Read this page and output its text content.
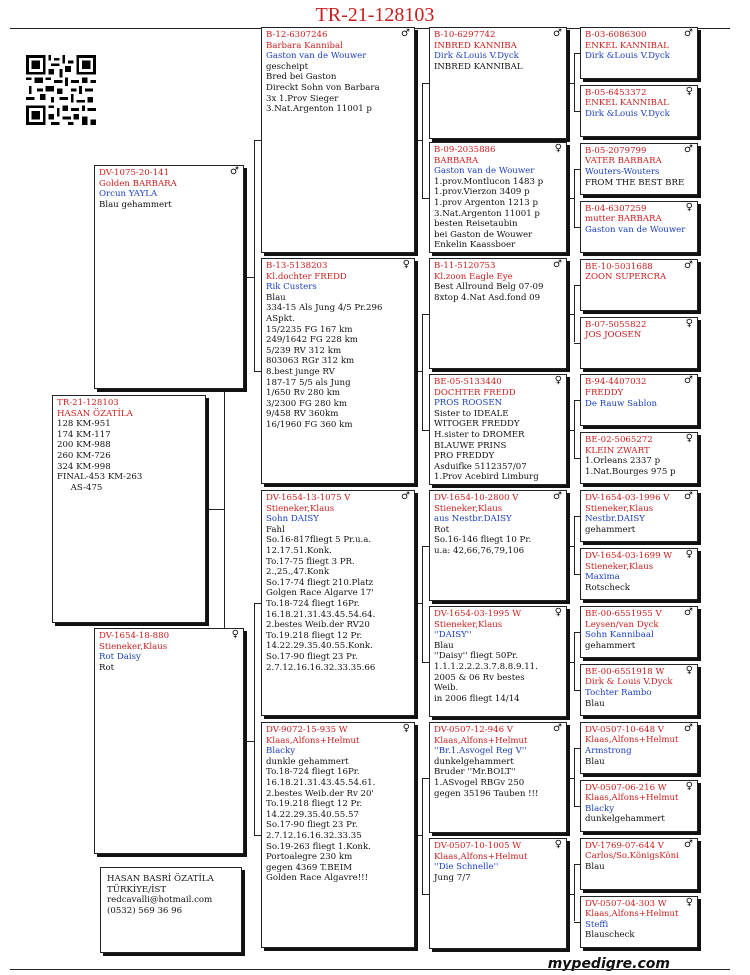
TR-21-128103
TR-21-128103
HASAN ÖZATİLA
128 KM-951
174 KM-117
200 KM-988
260 KM-726
324 KM-998
FINAL-453 KM-263
AS-475
♂
DV-1075-20-141
Golden BARBARA
Orcun YAYLA
Blau gehammert
♀
DV-1654-18-880
Stieneker,Klaus
Rot Daisy
Rot
♂
B-12-6307246
Barbara Kannibal
Gaston van de Wouwer
gescheipt
Bred bei Gaston
Direckt Sohn von Barbara
3x 1.Prov Sieger
3.Nat.Argenton 11001 p
♀
B-13-5138203
Kl.dochter FREDD
Rik Custers
Blau
334-15 Als Jung 4/5 Pr.296
ASpkt.
15/2235 FG 167 km
249/1642 FG 228 km
5/239 RV 312 km
803063 RGr 312 km
8.best junge RV
187-17 5/5 als Jung
1/650 Rv 280 km
3/2300 FG 280 km
9/458 RV 360km
16/1960 FG 360 km
♂
DV-1654-13-1075 V
Stieneker,Klaus
Sohn DAISY
Fahl
So.16-817fliegt 5 Pr.u.a.
12.17.51.Konk.
To.17-75 fliegt 3 PR.
2.,25.,47.Konk
So.17-74 fliegt 210.Platz
Golgen Race Algarve 17'
To.18-724 fliegt 16Pr.
16.18.21.31.43.45.54.64.
2.bestes Weib.der RV20
To.19.218 fliegt 12 Pr.
14.22.29.35.40.55.Konk.
So.17-90 fliegt 23 Pr.
2.7.12.16.16.32.33.35.66
♀
DV-9072-15-935 W
Klaas,Alfons+Helmut
Blacky
dunkle gehammert
To.18-724 fliegt 16Pr.
16.18.21.31.43.45.54.61.
2.bestes Weib.der Rv 20'
To.19.218 fliegt 12 Pr.
14.22.29.35.40.55.57
So.17-90 fliegt 23 Pr.
2.7.12.16.16.32.33.35
So.19-263 fliegt 1.Konk.
Portoalegre 230 km
gegen 4369 T.BEIM
Golden Race Algavre!!!
♂
B-10-6297742
INBRED KANNIBA
Dirk &Louis V.Dyck
INBRED KANNIBAL
♀
B-09-2035886
BARBARA
Gaston van de Wouwer
1.prov.Montlucon 1483 p
1.prov.Vierzon 3409 p
1.prov Argenton 1213 p
3.Nat.Argenton 11001 p
besten Reisetaubin
bei Gaston de Wouwer
Enkelin Kaassboer
♂
B-11-5120753
Kl.zoon Eagle Eye
Best Allround Belg 07-09
8xtop 4.Nat Asd.fond 09
♀
BE-05-5133440
DOCHTER FREDD
PROS ROOSEN
Sister to IDEALE
WITOGER FREDDY
H.sister to DROMER
BLAUWE PRINS
PRO FREDDY
Asduifke 5112357/07
1.Prov Acebird Limburg
♂
DV-1654-10-2800 V
Stieneker,Klaus
aus Nestbr.DAISY
Rot
So.16-146 fliegt 10 Pr.
u.a: 42,66,76,79,106
♀
DV-1654-03-1995 W
Stieneker,Klaus
''DAISY''
Blau
''Daisy'' fliegt 50Pr.
1.1.1.2.2.2.3.7.8.8.9.11.
2005 & 06 Rv bestes
Weib.
in 2006 fliegt 14/14
♂
DV-0507-12-946 V
Klaas,Alfons+Helmut
''Br.1.Asvogel Reg V''
dunkelgehammert
Bruder ''Mr.BOLT''
1.ASvogel RBGv 250
gegen 35196 Tauben !!!
♀
DV-0507-10-1005 W
Klaas,Alfons+Helmut
''Die Schnelle''
Jung 7/7
♂
B-03-6086300
ENKEL KANNIBAL
Dirk &Louis V.Dyck
♀
B-05-6453372
ENKEL KANNIBAL
Dirk &Louis V.Dyck
♂
B-05-2079799
VATER BARBARA
Wouters-Wouters
FROM THE BEST BRE
♀
B-04-6307259
mutter BARBARA
Gaston van de Wouwer
♂
BE-10-5031688
ZOON SUPERCRA
♀
B-07-5055822
JOS JOOSEN
♂
B-94-4407032
FREDDY
De Rauw Sablon
♀
BE-02-5065272
KLEIN ZWART
1.Orleans 2337 p
1.Nat.Bourges 975 p
♂
DV-1654-03-1996 V
Stieneker,Klaus
Nestbr.DAISY
gehammert
♀
DV-1654-03-1699 W
Stieneker,Klaus
Maxima
Rotscheck
♂
BE-00-6551955 V
Leysen/van Dyck
Sohn Kannibaal
gehammert
♀
BE-00-6551918 W
Dirk & Louis V.Dyck
Tochter Rambo
Blau
♂
DV-0507-10-648 V
Klaas,Alfons+Helmut
Armstrong
Blau
♀
DV-0507-06-216 W
Klaas,Alfons+Helmut
Blacky
dunkelgehammert
♂
DV-1769-07-644 V
Carlos/So.KönigsKöni
Blau
♀
DV-0507-04-303 W
Klaas,Alfons+Helmut
Steffi
Blauscheck
HASAN BASRİ ÖZATİLA
TÜRKİYE/İST
redcavalli@hotmail.com
(0532) 569 36 96
mypedigre.com
